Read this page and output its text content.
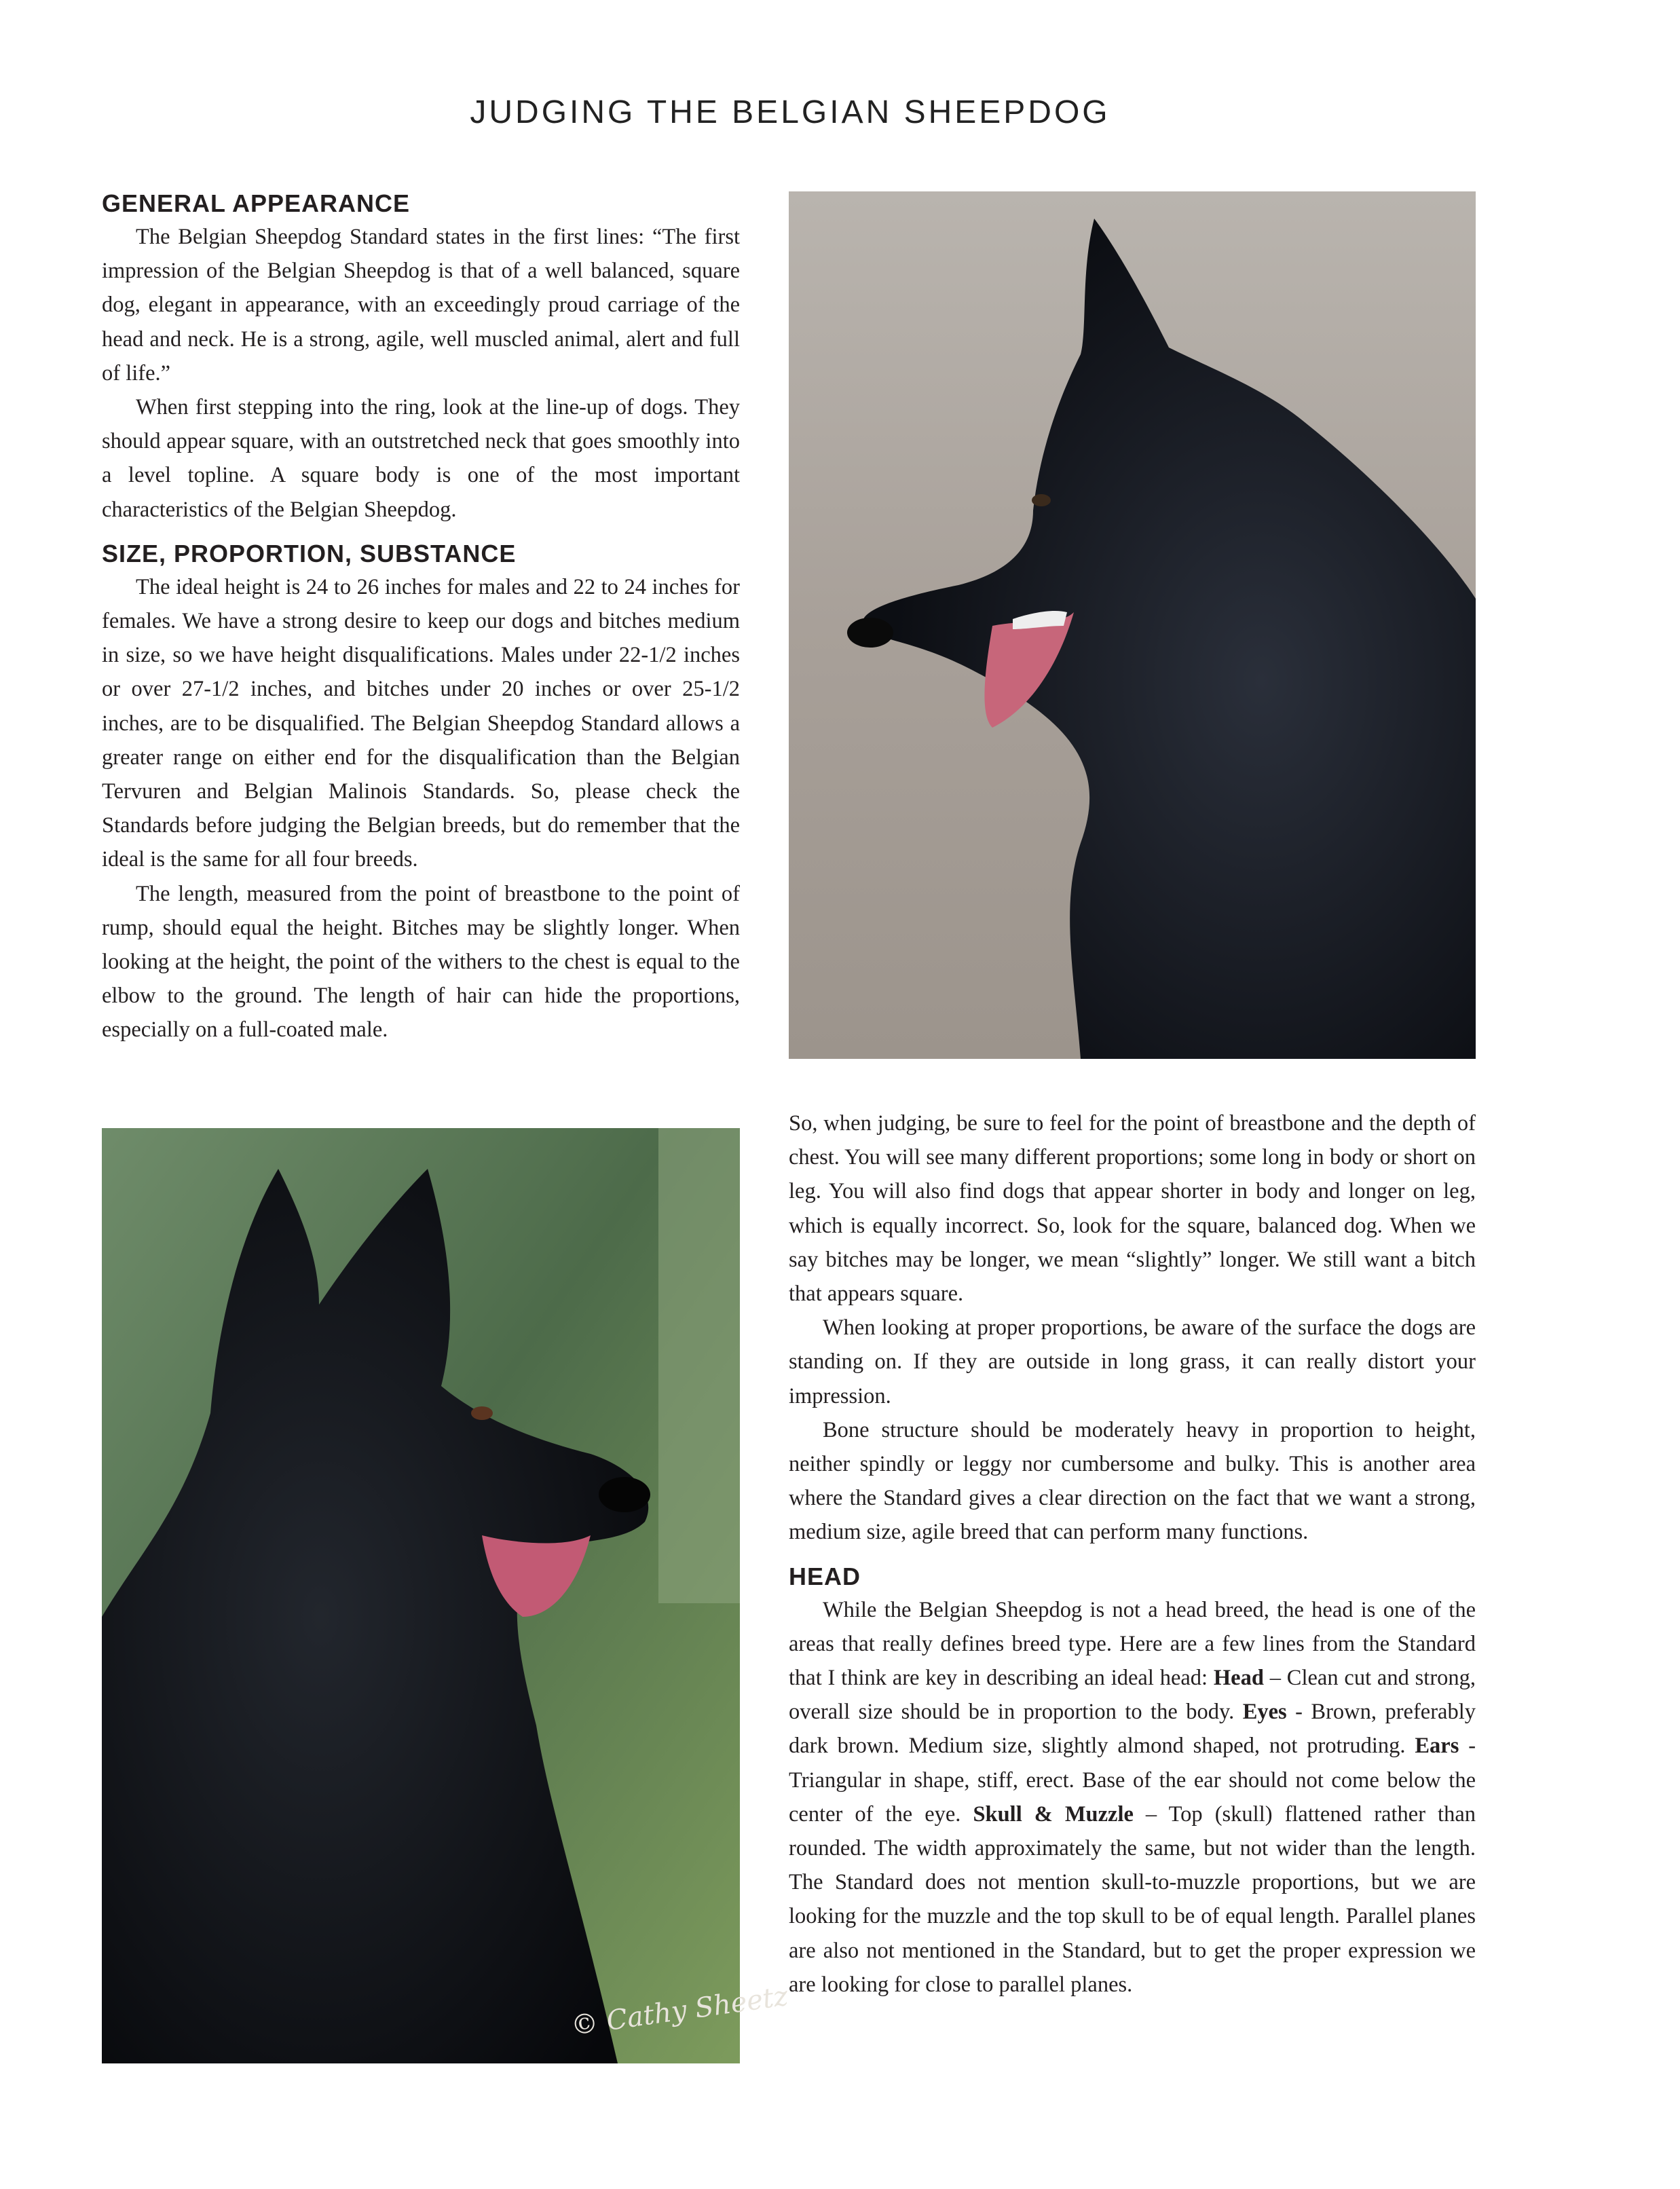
JUDGING THE BELGIAN SHEEPDOG
GENERAL APPEARANCE

The Belgian Sheepdog Standard states in the first lines: “The first impression of the Belgian Sheepdog is that of a well balanced, square dog, elegant in appearance, with an exceedingly proud carriage of the head and neck. He is a strong, agile, well muscled animal, alert and full of life.”

When first stepping into the ring, look at the line-up of dogs. They should appear square, with an outstretched neck that goes smoothly into a level topline. A square body is one of the most important characteristics of the Belgian Sheepdog.

SIZE, PROPORTION, SUBSTANCE

The ideal height is 24 to 26 inches for males and 22 to 24 inches for females. We have a strong desire to keep our dogs and bitches medium in size, so we have height disqualifications. Males under 22-1/2 inches or over 27-1/2 inches, and bitches under 20 inches or over 25-1/2 inches, are to be disqualified. The Belgian Sheepdog Standard allows a greater range on either end for the disqualification than the Belgian Tervuren and Belgian Malinois Standards. So, please check the Standards before judging the Belgian breeds, but do remember that the ideal is the same for all four breeds.

The length, measured from the point of breastbone to the point of rump, should equal the height. Bitches may be slightly longer. When looking at the height, the point of the withers to the chest is equal to the elbow to the ground. The length of hair can hide the proportions, especially on a full-coated male.

© Cathy Sheetz

So, when judging, be sure to feel for the point of breastbone and the depth of chest. You will see many different proportions; some long in body or short on leg. You will also find dogs that appear shorter in body and longer on leg, which is equally incorrect. So, look for the square, balanced dog. When we say bitches may be longer, we mean “slightly” longer. We still want a bitch that appears square.

When looking at proper proportions, be aware of the surface the dogs are standing on. If they are outside in long grass, it can really distort your impression.

Bone structure should be moderately heavy in proportion to height, neither spindly or leggy nor cumbersome and bulky. This is another area where the Standard gives a clear direction on the fact that we want a strong, medium size, agile breed that can perform many functions.

HEAD

While the Belgian Sheepdog is not a head breed, the head is one of the areas that really defines breed type. Here are a few lines from the Standard that I think are key in describing an ideal head: Head – Clean cut and strong, overall size should be in proportion to the body. Eyes - Brown, preferably dark brown. Medium size, slightly almond shaped, not protruding. Ears - Triangular in shape, stiff, erect. Base of the ear should not come below the center of the eye. Skull & Muzzle – Top (skull) flattened rather than rounded. The width approximately the same, but not wider than the length. The Standard does not mention skull-to-muzzle proportions, but we are looking for the muzzle and the top skull to be of equal length. Parallel planes are also not mentioned in the Standard, but to get the proper expression we are looking for close to parallel planes.
